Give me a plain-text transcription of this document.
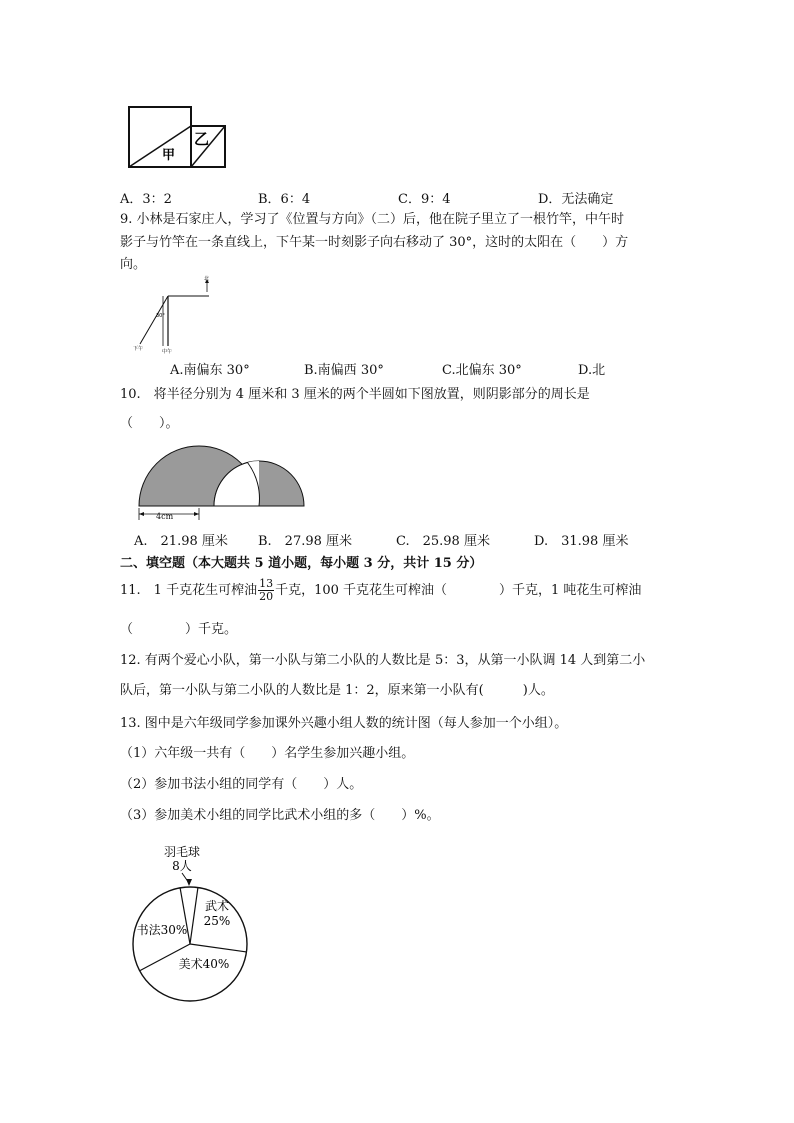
甲
乙
A．3：2	B．6：4	C．9：4	D．无法确定
9. 小林是石家庄人，学习了《位置与方向》（二）后，他在院子里立了一根竹竿，中午时
影子与竹竿在一条直线上，下午某一时刻影子向右移动了 30°，这时的太阳在（　　）方
向。
北
30°
下午	中午
A.南偏东 30°	B.南偏西 30°	C.北偏东 30°	D.北
10.　将半径分别为 4 厘米和 3 厘米的两个半圆如下图放置，则阴影部分的周长是
（　　）。
4cm
A.　21.98 厘米 B.　27.98 厘米	C.　25.98 厘米	D.　31.98 厘米
二、填空题（本大题共 5 道小题，每小题 3 分，共计 15 分）
11.　1 千克花生可榨油 $\frac{13}{20}$ 千克，100 千克花生可榨油（　　　　）千克，1 吨花生可榨油
（　　　　）千克。
12. 有两个爱心小队，第一小队与第二小队的人数比是 5：3，从第一小队调 14 人到第二小
队后，第一小队与第二小队的人数比是 1：2，原来第一小队有(　　　)人。
13. 图中是六年级同学参加课外兴趣小组人数的统计图（每人参加一个小组）。
（1）六年级一共有（　　）名学生参加兴趣小组。
（2）参加书法小组的同学有（　　）人。
（3）参加美术小组的同学比武术小组的多（　　）%。
武术
25%
美术40%
书法30%
羽毛球
8人
